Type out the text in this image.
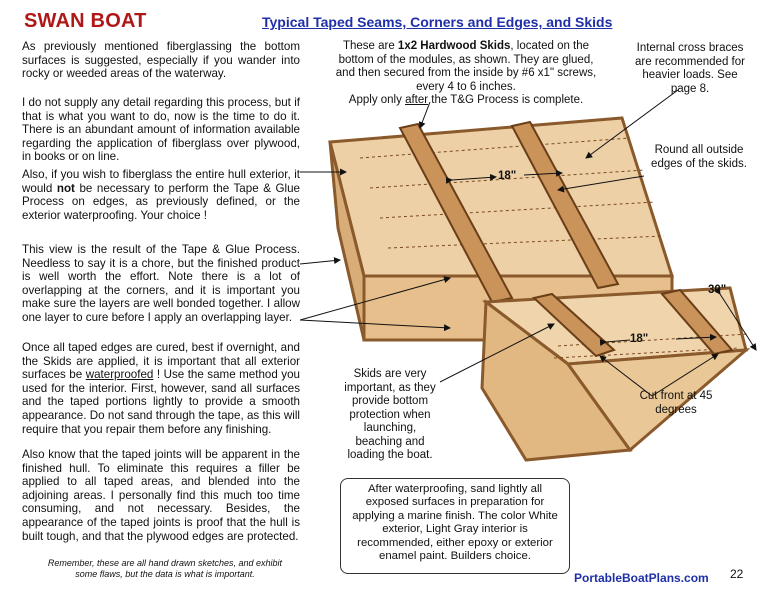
SWAN BOAT	Typical Taped Seams, Corners and Edges, and Skids
As previously mentioned fiberglassing the bottom surfaces is suggested, especially if you wander into rocky or weeded areas of the waterway.
I do not supply any detail regarding this process, but if that is what you want to do, now is the time to do it. There is an abundant amount of information available regarding the application of fiberglass over plywood, in books or on line.
Also, if you wish to fiberglass the entire hull exterior, it would not be necessary to perform the Tape & Glue Process on edges, as previously defined, or the exterior waterproofing. Your choice !
This view is the result of the Tape & Glue Process. Needless to say it is a chore, but the finished product is well worth the effort. Note there is a lot of overlapping at the corners, and it is important you make sure the layers are well bonded together. I allow one layer to cure before I apply an overlapping layer.
Once all taped edges are cured, best if overnight, and the Skids are applied, it is important that all exterior surfaces be waterproofed ! Use the same method you used for the interior. First, however, sand all surfaces and the taped portions lightly to provide a smooth appearance. Do not sand through the tape, as this will require that you repair them before any finishing.
Also know that the taped joints will be apparent in the finished hull. To eliminate this requires a filler be applied to all taped areas, and blended into the adjoining areas. I personally find this much too time consuming, and not necessary. Besides, the appearance of the taped joints is proof that the hull is built tough, and that the plywood edges are protected.
Remember, these are all hand drawn sketches, and exhibit some flaws, but the data is what is important.
These are 1x2 Hardwood Skids, located on the bottom of the modules, as shown. They are glued, and then secured from the inside by #6 x1" screws, every 4 to 6 inches.
Apply only after the T&G Process is complete.
Internal cross braces are recommended for heavier loads. See page 8.
Round all outside edges of the skids.
30"
18"
18"
Skids are very important, as they provide bottom protection when launching, beaching and loading the boat.
Cut front at 45 degrees
After waterproofing, sand lightly all exposed surfaces in preparation for applying a marine finish. The color White exterior, Light Gray interior is recommended, either epoxy or exterior enamel paint. Builders choice.
PortableBoatPlans.com 22
